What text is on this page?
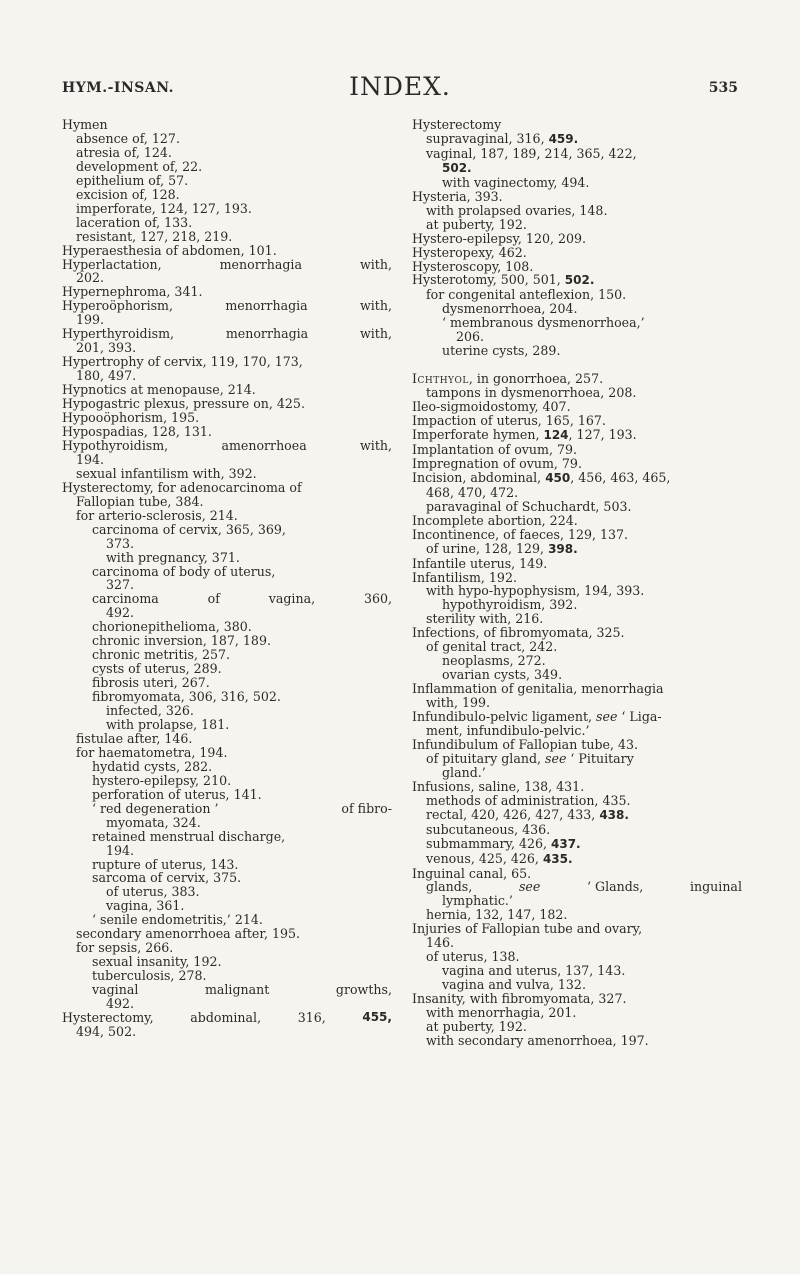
HYM.-INSAN.	INDEX.	535
Hymen
absence of, 127.
atresia of, 124.
development of, 22.
epithelium of, 57.
excision of, 128.
imperforate, 124, 127, 193.
laceration of, 133.
resistant, 127, 218, 219.
Hyperaesthesia of abdomen, 101.
Hyperlactation,	menorrhagia	with,
202.
Hypernephroma, 341.
Hyperoöphorism,	menorrhagia	with,
199.
Hyperthyroidism,	menorrhagia	with,
201, 393.
Hypertrophy of cervix, 119, 170, 173,
180, 497.
Hypnotics at menopause, 214.
Hypogastric plexus, pressure on, 425.
Hypooöphorism, 195.
Hypospadias, 128, 131.
Hypothyroidism,	amenorrhoea	with,
194.
sexual infantilism with, 392.
Hysterectomy, for adenocarcinoma of
Fallopian tube, 384.
for arterio-sclerosis, 214.
carcinoma of cervix, 365, 369,
373.
with pregnancy, 371.
carcinoma of body of uterus,
327.
carcinoma	of	vagina,	360,
492.
chorionepithelioma, 380.
chronic inversion, 187, 189.
chronic metritis, 257.
cysts of uterus, 289.
fibrosis uteri, 267.
fibromyomata, 306, 316, 502.
infected, 326.
with prolapse, 181.
fistulae after, 146.
for haematometra, 194.
hydatid cysts, 282.
hystero-epilepsy, 210.
perforation of uterus, 141.
‘ red degeneration ’	of fibro-
myomata, 324.
retained menstrual discharge,
194.
rupture of uterus, 143.
sarcoma of cervix, 375.
of uterus, 383.
vagina, 361.
‘ senile endometritis,’ 214.
secondary amenorrhoea after, 195.
for sepsis, 266.
sexual insanity, 192.
tuberculosis, 278.
vaginal	malignant	growths,
492.
Hysterectomy,	abdominal,	316,	455,
494, 502.
Hysterectomy
supravaginal, 316, 459.
vaginal, 187, 189, 214, 365, 422,
502.
with vaginectomy, 494.
Hysteria, 393.
with prolapsed ovaries, 148.
at puberty, 192.
Hystero-epilepsy, 120, 209.
Hysteropexy, 462.
Hysteroscopy, 108.
Hysterotomy, 500, 501, 502.
for congenital anteflexion, 150.
dysmenorrhoea, 204.
‘ membranous dysmenorrhoea,’
206.
uterine cysts, 289.

Ichthyol, in gonorrhoea, 257.
tampons in dysmenorrhoea, 208.
Ileo-sigmoidostomy, 407.
Impaction of uterus, 165, 167.
Imperforate hymen, 124, 127, 193.
Implantation of ovum, 79.
Impregnation of ovum, 79.
Incision, abdominal, 450, 456, 463, 465,
468, 470, 472.
paravaginal of Schuchardt, 503.
Incomplete abortion, 224.
Incontinence, of faeces, 129, 137.
of urine, 128, 129, 398.
Infantile uterus, 149.
Infantilism, 192.
with hypo-hypophysism, 194, 393.
hypothyroidism, 392.
sterility with, 216.
Infections, of fibromyomata, 325.
of genital tract, 242.
neoplasms, 272.
ovarian cysts, 349.
Inflammation of genitalia, menorrhagia
with, 199.
Infundibulo-pelvic ligament, see ‘ Liga-
ment, infundibulo-pelvic.’
Infundibulum of Fallopian tube, 43.
of pituitary gland, see ‘ Pituitary
gland.’
Infusions, saline, 138, 431.
methods of administration, 435.
rectal, 420, 426, 427, 433, 438.
subcutaneous, 436.
submammary, 426, 437.
venous, 425, 426, 435.
Inguinal canal, 65.
glands,	see	‘ Glands,	inguinal
lymphatic.’
hernia, 132, 147, 182.
Injuries of Fallopian tube and ovary,
146.
of uterus, 138.
vagina and uterus, 137, 143.
vagina and vulva, 132.
Insanity, with fibromyomata, 327.
with menorrhagia, 201.
at puberty, 192.
with secondary amenorrhoea, 197.
